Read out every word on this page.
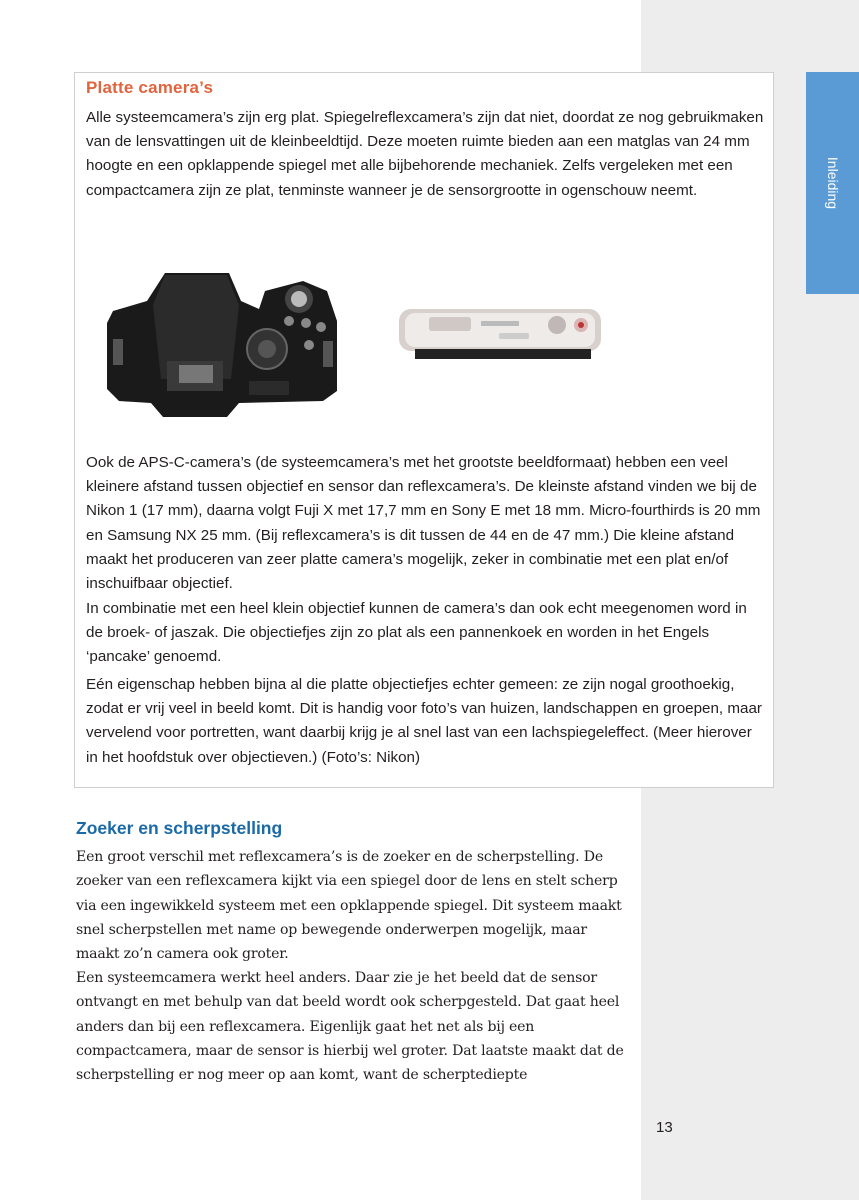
Inleiding
Platte camera’s

Alle systeemcamera’s zijn erg plat. Spiegelreflexcamera’s zijn dat niet, doordat ze nog gebruikmaken van de lensvattingen uit de kleinbeeldtijd. Deze moeten ruimte bieden aan een matglas van 24 mm hoogte en een opklappende spiegel met alle bijbehorende mechaniek. Zelfs vergeleken met een compactcamera zijn ze plat, tenminste wanneer je de sensorgrootte in ogenschouw neemt.

Ook de APS-C-camera’s (de systeemcamera’s met het grootste beeldformaat) hebben een veel kleinere afstand tussen objectief en sensor dan reflexcamera’s. De kleinste afstand vinden we bij de Nikon 1 (17 mm), daarna volgt Fuji X met 17,7 mm en Sony E met 18 mm. Micro-fourthirds is 20 mm en Samsung NX 25 mm. (Bij reflexcamera’s is dit tussen de 44 en de 47 mm.) Die kleine afstand maakt het produceren van zeer platte camera’s mogelijk, zeker in combinatie met een plat en/of inschuifbaar objectief.

In combinatie met een heel klein objectief kunnen de camera’s dan ook echt meegenomen word in de broek- of jaszak. Die objectiefjes zijn zo plat als een pannenkoek en worden in het Engels ‘pancake’ genoemd.

Eén eigenschap hebben bijna al die platte objectiefjes echter gemeen: ze zijn nogal groothoekig, zodat er vrij veel in beeld komt. Dit is handig voor foto’s van huizen, landschappen en groepen, maar vervelend voor portretten, want daarbij krijg je al snel last van een lachspiegeleffect. (Meer hierover in het hoofdstuk over objectieven.) (Foto’s: Nikon)

Zoeker en scherpstelling

Een groot verschil met reflexcamera’s is de zoeker en de scherpstelling. De zoeker van een reflexcamera kijkt via een spiegel door de lens en stelt scherp via een ingewikkeld systeem met een opklappende spiegel. Dit systeem maakt snel scherpstellen met name op bewegende onderwerpen mogelijk, maar maakt zo’n camera ook groter.

Een systeemcamera werkt heel anders. Daar zie je het beeld dat de sensor ontvangt en met behulp van dat beeld wordt ook scherpgesteld. Dat gaat heel anders dan bij een reflexcamera. Eigenlijk gaat het net als bij een compactcamera, maar de sensor is hierbij wel groter. Dat laatste maakt dat de scherpstelling er nog meer op aan komt, want de scherptediepte

13
